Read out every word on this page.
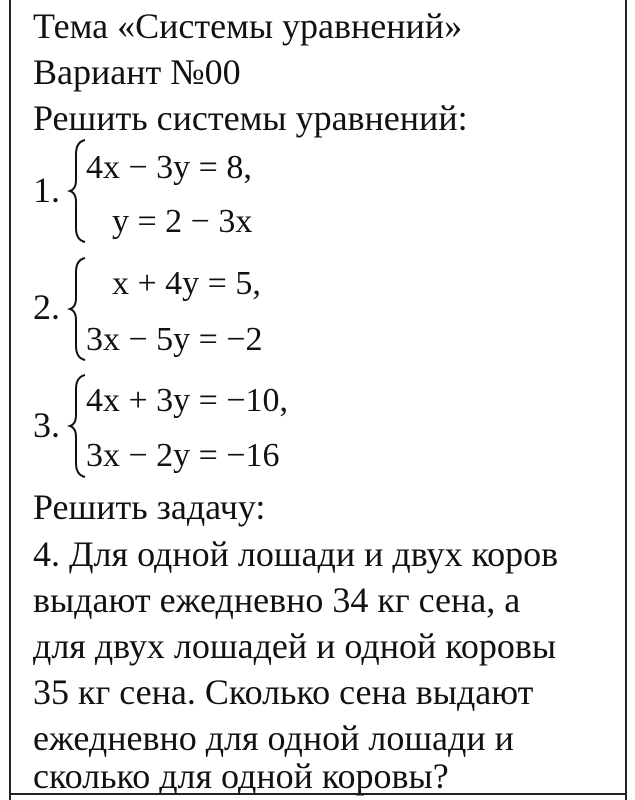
Тема «Системы уравнений»
Вариант №00
Решить системы уравнений:
1.
4x − 3y = 8,
y = 2 − 3x
2.
x + 4y = 5,
3x − 5y = −2
3.
4x + 3y = −10,
3x − 2y = −16
Решить задачу:
4. Для одной лошади и двух коров
выдают ежедневно 34 кг сена, а
для двух лошадей и одной коровы
35 кг сена. Сколько сена выдают
ежедневно для одной лошади и
сколько для одной коровы?
